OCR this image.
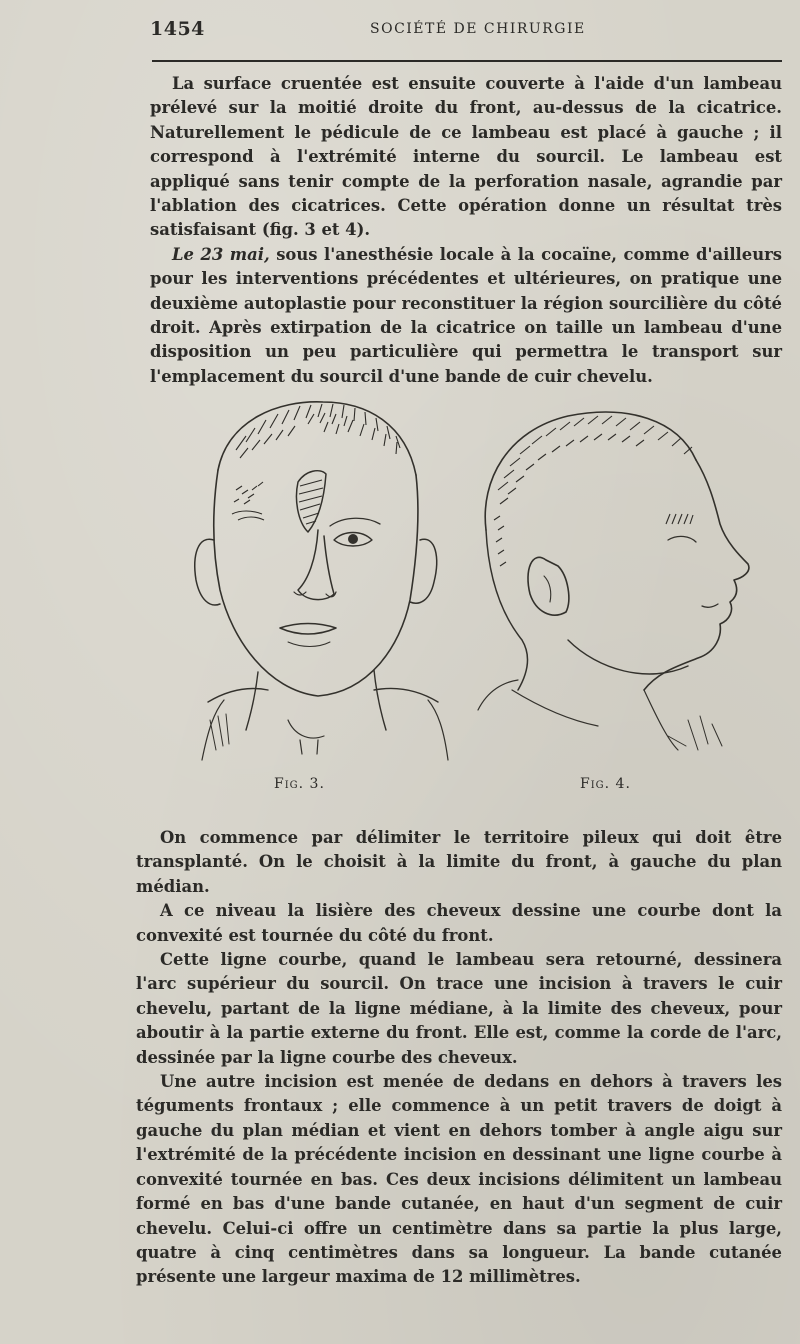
1454	SOCIÉTÉ DE CHIRURGIE

La surface cruentée est ensuite couverte à l'aide d'un lambeau prélevé sur la moitié droite du front, au-dessus de la cicatrice. Naturellement le pédicule de ce lambeau est placé à gauche ; il correspond à l'extrémité interne du sourcil. Le lambeau est appliqué sans tenir compte de la perforation nasale, agrandie par l'ablation des cicatrices. Cette opération donne un résultat très satisfaisant (fig. 3 et 4).

Le 23 mai, sous l'anesthésie locale à la cocaïne, comme d'ailleurs pour les interventions précédentes et ultérieures, on pratique une deuxième autoplastie pour reconstituer la région sourcilière du côté droit. Après extirpation de la cicatrice on taille un lambeau d'une disposition un peu particulière qui permettra le transport sur l'emplacement du sourcil d'une bande de cuir chevelu.

Fig. 3.	Fig. 4.

On commence par délimiter le territoire pileux qui doit être transplanté. On le choisit à la limite du front, à gauche du plan médian.

A ce niveau la lisière des cheveux dessine une courbe dont la convexité est tournée du côté du front.

Cette ligne courbe, quand le lambeau sera retourné, dessinera l'arc supérieur du sourcil. On trace une incision à travers le cuir chevelu, partant de la ligne médiane, à la limite des cheveux, pour aboutir à la partie externe du front. Elle est, comme la corde de l'arc, dessinée par la ligne courbe des cheveux.

Une autre incision est menée de dedans en dehors à travers les téguments frontaux ; elle commence à un petit travers de doigt à gauche du plan médian et vient en dehors tomber à angle aigu sur l'extrémité de la précédente incision en dessinant une ligne courbe à convexité tournée en bas. Ces deux incisions délimitent un lambeau formé en bas d'une bande cutanée, en haut d'un segment de cuir chevelu. Celui-ci offre un centimètre dans sa partie la plus large, quatre à cinq centimètres dans sa longueur. La bande cutanée présente une largeur maxima de 12 millimètres.
